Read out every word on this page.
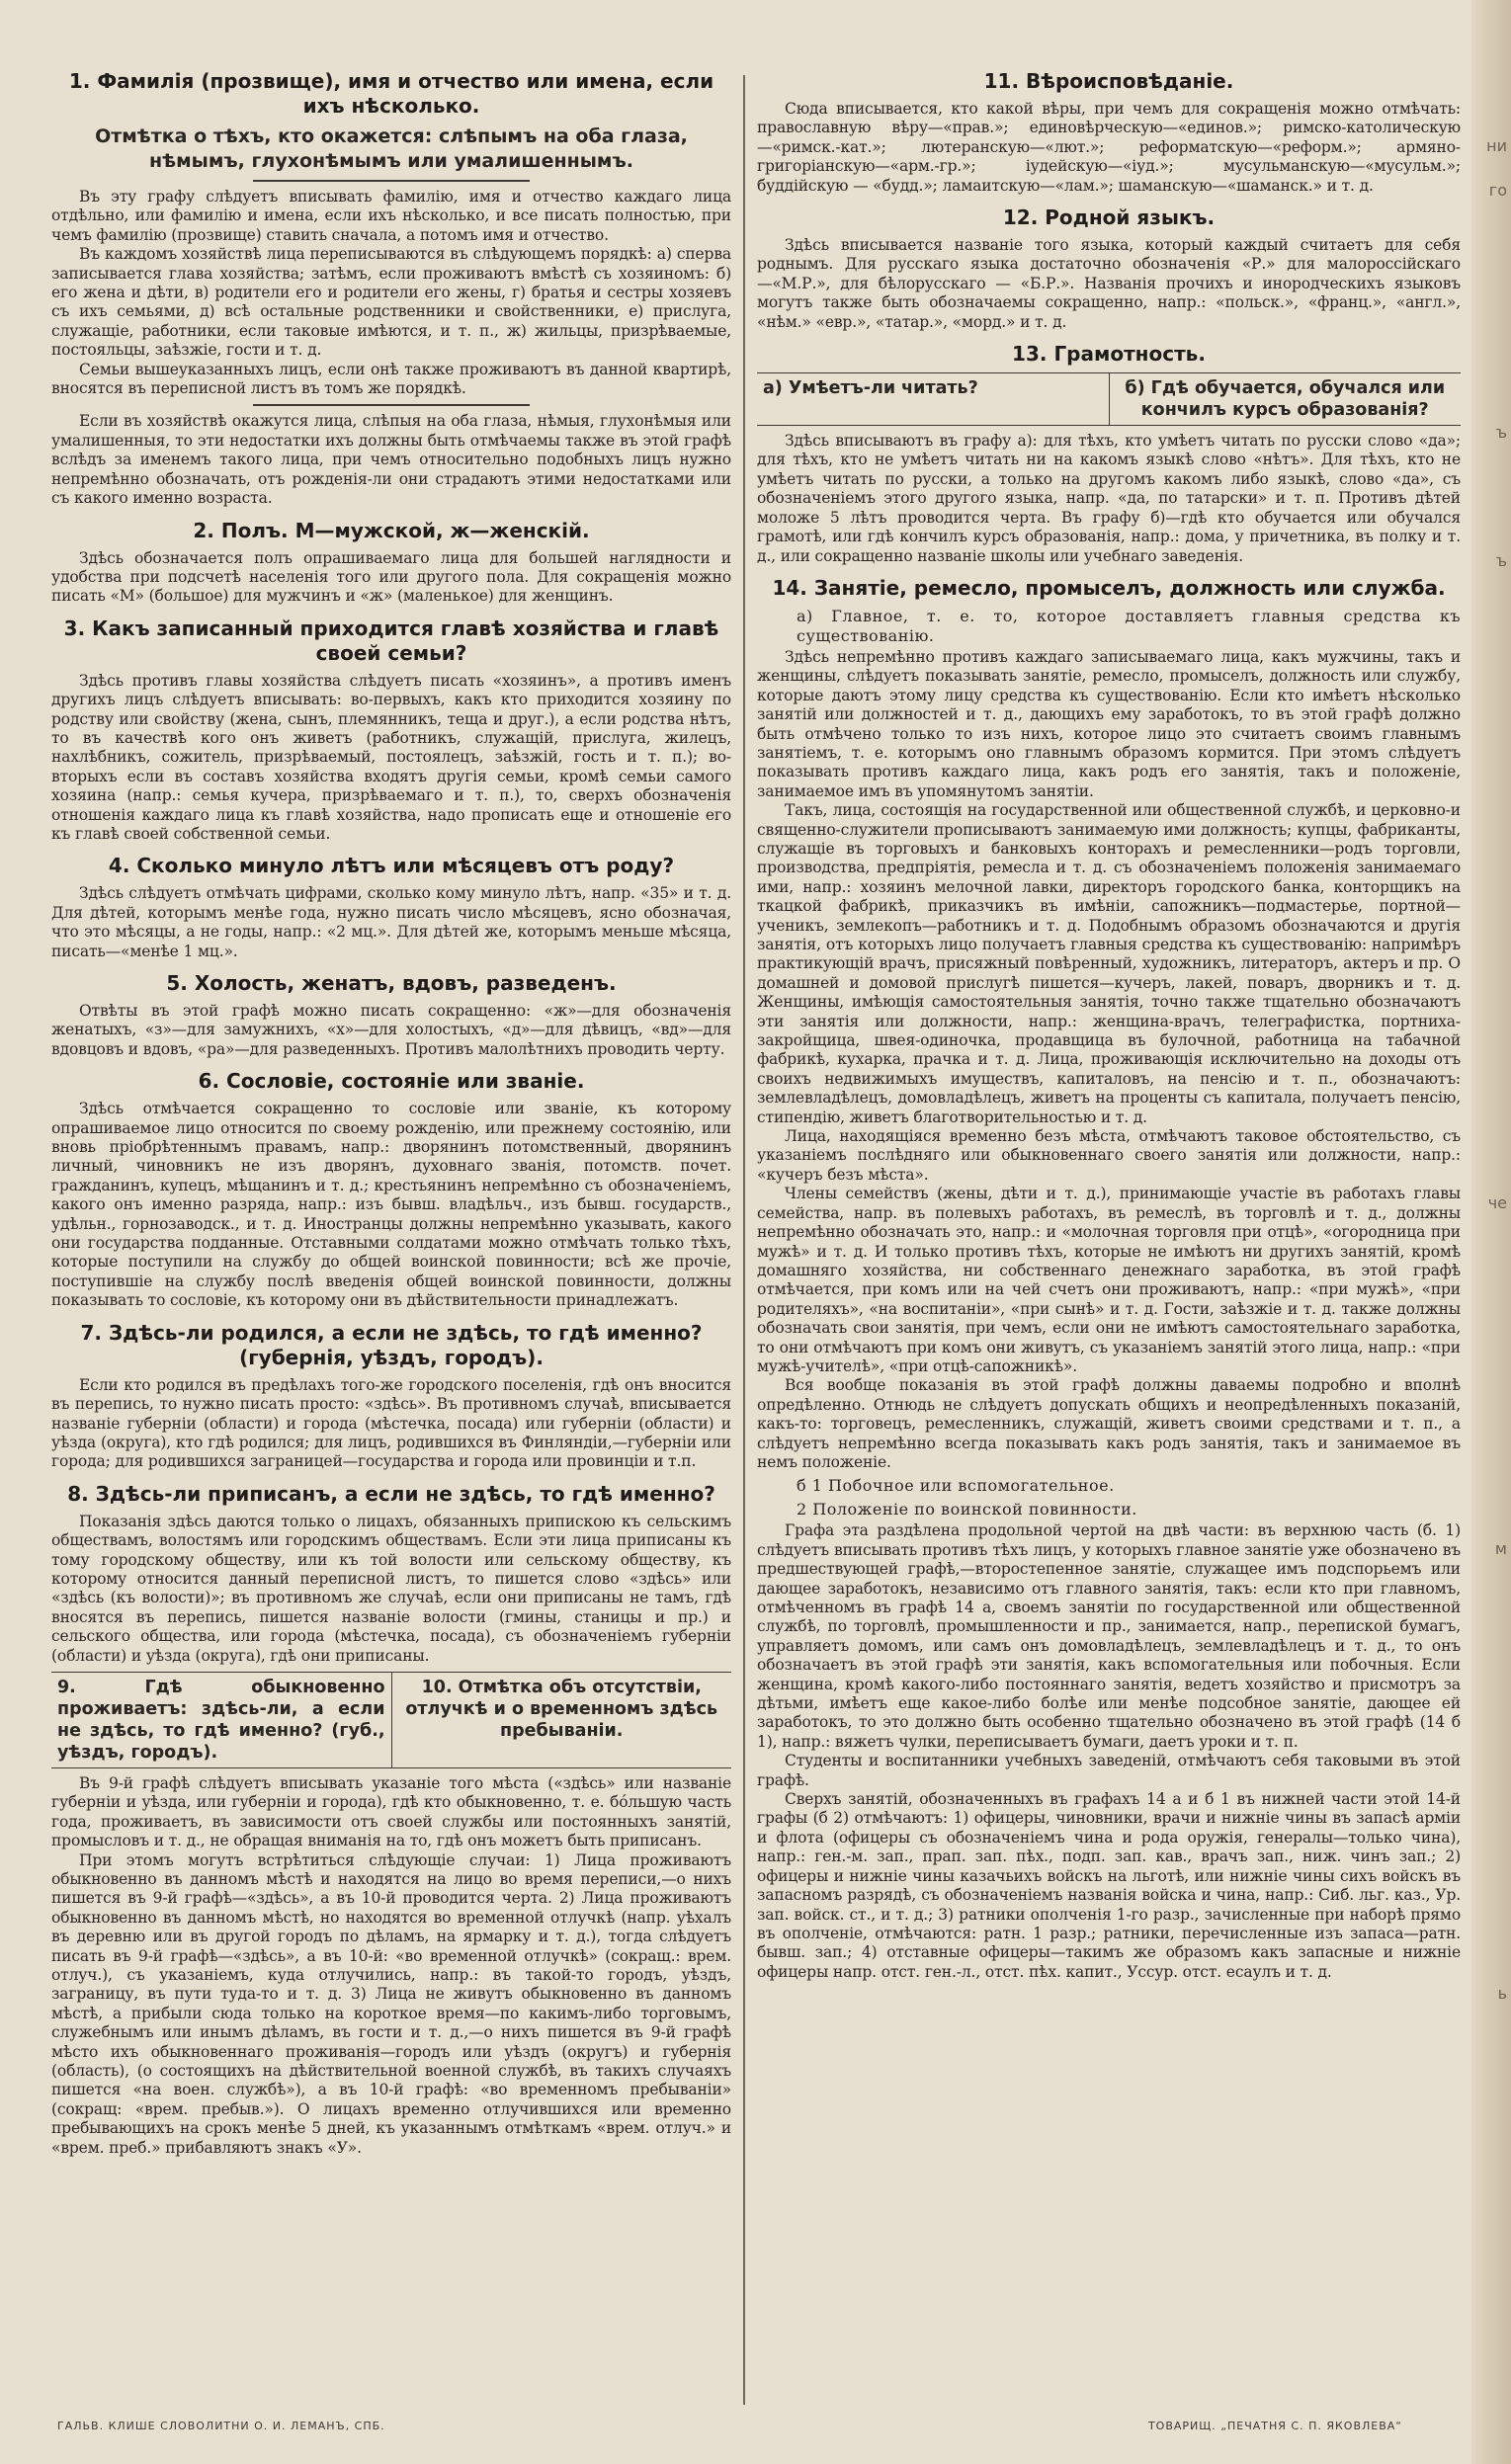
ни
го
ъ
ъ
че
м
ь
1. Фамилія (прозвище), имя и отчество или имена, если ихъ нѣсколько.
Отмѣтка о тѣхъ, кто окажется: слѣпымъ на оба глаза, нѣмымъ, глухонѣмымъ или умалишеннымъ.

Въ эту графу слѣдуетъ вписывать фамилію, имя и отчество каждаго лица отдѣльно, или фамилію и имена, если ихъ нѣсколько, и все писать полностью, при чемъ фамилію (прозвище) ставить сначала, а потомъ имя и отчество.

Въ каждомъ хозяйствѣ лица переписываются въ слѣдующемъ порядкѣ: а) сперва записывается глава хозяйства; затѣмъ, если проживаютъ вмѣстѣ съ хозяиномъ: б) его жена и дѣти, в) родители его и родители его жены, г) братья и сестры хозяевъ съ ихъ семьями, д) всѣ остальные родственники и свойственники, е) прислуга, служащіе, работники, если таковые имѣются, и т. п., ж) жильцы, призрѣваемые, постояльцы, заѣзжіе, гости и т. д.

Семьи вышеуказанныхъ лицъ, если онѣ также проживаютъ въ данной квартирѣ, вносятся въ переписной листъ въ томъ же порядкѣ.

Если въ хозяйствѣ окажутся лица, слѣпыя на оба глаза, нѣмыя, глухонѣмыя или умалишенныя, то эти недостатки ихъ должны быть отмѣчаемы также въ этой графѣ вслѣдъ за именемъ такого лица, при чемъ относительно подобныхъ лицъ нужно непремѣнно обозначать, отъ рожденія-ли они страдаютъ этими недостатками или съ какого именно возраста.

2. Полъ. М—мужской, ж—женскій.

Здѣсь обозначается полъ опрашиваемаго лица для большей наглядности и удобства при подсчетѣ населенія того или другого пола. Для сокращенія можно писать «М» (большое) для мужчинъ и «ж» (маленькое) для женщинъ.

3. Какъ записанный приходится главѣ хозяйства и главѣ своей семьи?

Здѣсь противъ главы хозяйства слѣдуетъ писать «хозяинъ», а противъ именъ другихъ лицъ слѣдуетъ вписывать: во-первыхъ, какъ кто приходится хозяину по родству или свойству (жена, сынъ, племянникъ, теща и друг.), а если родства нѣтъ, то въ качествѣ кого онъ живетъ (работникъ, служащій, прислуга, жилецъ, нахлѣбникъ, сожитель, призрѣваемый, постоялецъ, заѣзжій, гость и т. п.); во-вторыхъ если въ составъ хозяйства входятъ другія семьи, кромѣ семьи самого хозяина (напр.: семья кучера, призрѣваемаго и т. п.), то, сверхъ обозначенія отношенія каждаго лица къ главѣ хозяйства, надо прописать еще и отношеніе его къ главѣ своей собственной семьи.

4. Сколько минуло лѣтъ или мѣсяцевъ отъ роду?

Здѣсь слѣдуетъ отмѣчать цифрами, сколько кому минуло лѣтъ, напр. «35» и т. д. Для дѣтей, которымъ менѣе года, нужно писать число мѣсяцевъ, ясно обозначая, что это мѣсяцы, а не годы, напр.: «2 мц.». Для дѣтей же, которымъ меньше мѣсяца, писать—«менѣе 1 мц.».

5. Холость, женатъ, вдовъ, разведенъ.

Отвѣты въ этой графѣ можно писать сокращенно: «ж»—для обозначенія женатыхъ, «з»—для замужнихъ, «х»—для холостыхъ, «д»—для дѣвицъ, «вд»—для вдовцовъ и вдовъ, «ра»—для разведенныхъ. Противъ малолѣтнихъ проводить черту.

6. Сословіе, состояніе или званіе.

Здѣсь отмѣчается сокращенно то сословіе или званіе, къ которому опрашиваемое лицо относится по своему рожденію, или прежнему состоянію, или вновь пріобрѣтеннымъ правамъ, напр.: дворянинъ потомственный, дворянинъ личный, чиновникъ не изъ дворянъ, духовнаго званія, потомств. почет. гражданинъ, купецъ, мѣщанинъ и т. д.; крестьянинъ непремѣнно съ обозначеніемъ, какого онъ именно разряда, напр.: изъ бывш. владѣльч., изъ бывш. государств., удѣльн., горнозаводск., и т. д. Иностранцы должны непремѣнно указывать, какого они государства подданные. Отставными солдатами можно отмѣчать только тѣхъ, которые поступили на службу до общей воинской повинности; всѣ же прочіе, поступившіе на службу послѣ введенія общей воинской повинности, должны показывать то сословіе, къ которому они въ дѣйствительности принадлежатъ.

7. Здѣсь-ли родился, а если не здѣсь, то гдѣ именно? (губернія, уѣздъ, городъ).

Если кто родился въ предѣлахъ того-же городского поселенія, гдѣ онъ вносится въ перепись, то нужно писать просто: «здѣсь». Въ противномъ случаѣ, вписывается названіе губерніи (области) и города (мѣстечка, посада) или губерніи (области) и уѣзда (округа), кто гдѣ родился; для лицъ, родившихся въ Финляндіи,—губерніи или города; для родившихся заграницей—государства и города или провинціи и т.п.

8. Здѣсь-ли приписанъ, а если не здѣсь, то гдѣ именно?

Показанія здѣсь даются только о лицахъ, обязанныхъ припискою къ сельскимъ обществамъ, волостямъ или городскимъ обществамъ. Если эти лица приписаны къ тому городскому обществу, или къ той волости или сельскому обществу, къ которому относится данный переписной листъ, то пишется слово «здѣсь» или «здѣсь (къ волости)»; въ противномъ же случаѣ, если они приписаны не тамъ, гдѣ вносятся въ перепись, пишется названіе волости (гмины, станицы и пр.) и сельского общества, или города (мѣстечка, посада), съ обозначеніемъ губерніи (области) и уѣзда (округа), гдѣ они приписаны.

9. Гдѣ обыкновенно проживаетъ: здѣсь-ли, а если не здѣсь, то гдѣ именно? (губ., уѣздъ, городъ).
10. Отмѣтка объ отсутствіи, отлучкѣ и о временномъ здѣсь пребываніи.

Въ 9-й графѣ слѣдуетъ вписывать указаніе того мѣста («здѣсь» или названіе губерніи и уѣзда, или губерніи и города), гдѣ кто обыкновенно, т. е. бо́льшую часть года, проживаетъ, въ зависимости отъ своей службы или постоянныхъ занятій, промысловъ и т. д., не обращая вниманія на то, гдѣ онъ можетъ быть приписанъ.

При этомъ могутъ встрѣтиться слѣдующіе случаи: 1) Лица проживаютъ обыкновенно въ данномъ мѣстѣ и находятся на лицо во время переписи,—о нихъ пишется въ 9-й графѣ—«здѣсь», а въ 10-й проводится черта. 2) Лица проживаютъ обыкновенно въ данномъ мѣстѣ, но находятся во временной отлучкѣ (напр. уѣхалъ въ деревню или въ другой городъ по дѣламъ, на ярмарку и т. д.), тогда слѣдуетъ писать въ 9-й графѣ—«здѣсь», а въ 10-й: «во временной отлучкѣ» (сокращ.: врем. отлуч.), съ указаніемъ, куда отлучились, напр.: въ такой-то городъ, уѣздъ, заграницу, въ пути туда-то и т. д. 3) Лица не живутъ обыкновенно въ данномъ мѣстѣ, а прибыли сюда только на короткое время—по какимъ-либо торговымъ, служебнымъ или инымъ дѣламъ, въ гости и т. д.,—о нихъ пишется въ 9-й графѣ мѣсто ихъ обыкновеннаго проживанія—городъ или уѣздъ (округъ) и губернія (область), (о состоящихъ на дѣйствительной военной службѣ, въ такихъ случаяхъ пишется «на воен. службѣ»), а въ 10-й графѣ: «во временномъ пребываніи» (сокращ: «врем. пребыв.»). О лицахъ временно отлучившихся или временно пребывающихъ на срокъ менѣе 5 дней, къ указаннымъ отмѣткамъ «врем. отлуч.» и «врем. преб.» прибавляютъ знакъ «У».

11. Вѣроисповѣданіе.

Сюда вписывается, кто какой вѣры, при чемъ для сокращенія можно отмѣчать: православную вѣру—«прав.»; единовѣрческую—«единов.»; римско-католическую—«римск.-кат.»; лютеранскую—«лют.»; реформатскую—«реформ.»; армяно-григоріанскую—«арм.-гр.»; іудейскую—«іуд.»; мусульманскую—«мусульм.»; буддійскую — «будд.»; ламаитскую—«лам.»; шаманскую—«шаманск.» и т. д.

12. Родной языкъ.

Здѣсь вписывается названіе того языка, который каждый считаетъ для себя роднымъ. Для русскаго языка достаточно обозначенія «Р.» для малороссійскаго—«М.Р.», для бѣлорусскаго — «Б.Р.». Названія прочихъ и инородческихъ языковъ могутъ также быть обозначаемы сокращенно, напр.: «польск.», «франц.», «англ.», «нѣм.» «евр.», «татар.», «морд.» и т. д.

13. Грамотность.
а) Умѣетъ-ли читать?	б) Гдѣ обучается, обучался или кончилъ курсъ образованія?

Здѣсь вписываютъ въ графу а): для тѣхъ, кто умѣетъ читать по русски слово «да»; для тѣхъ, кто не умѣетъ читать ни на какомъ языкѣ слово «нѣтъ». Для тѣхъ, кто не умѣетъ читать по русски, а только на другомъ какомъ либо языкѣ, слово «да», съ обозначеніемъ этого другого языка, напр. «да, по татарски» и т. п. Противъ дѣтей моложе 5 лѣтъ проводится черта. Въ графу б)—гдѣ кто обучается или обучался грамотѣ, или гдѣ кончилъ курсъ образованія, напр.: дома, у причетника, въ полку и т. д., или сокращенно названіе школы или учебнаго заведенія.

14. Занятіе, ремесло, промыселъ, должность или служба.
а) Главное, т. е. то, которое доставляетъ главныя средства къ существованію.

Здѣсь непремѣнно противъ каждаго записываемаго лица, какъ мужчины, такъ и женщины, слѣдуетъ показывать занятіе, ремесло, промыселъ, должность или службу, которые даютъ этому лицу средства къ существованію. Если кто имѣетъ нѣсколько занятій или должностей и т. д., дающихъ ему заработокъ, то въ этой графѣ должно быть отмѣчено только то изъ нихъ, которое лицо это считаетъ своимъ главнымъ занятіемъ, т. е. которымъ оно главнымъ образомъ кормится. При этомъ слѣдуетъ показывать противъ каждаго лица, какъ родъ его занятія, такъ и положеніе, занимаемое имъ въ упомянутомъ занятіи.

Такъ, лица, состоящія на государственной или общественной службѣ, и церковно-и священно-служители прописываютъ занимаемую ими должность; купцы, фабриканты, служащіе въ торговыхъ и банковыхъ конторахъ и ремесленники—родъ торговли, производства, предпріятія, ремесла и т. д. съ обозначеніемъ положенія занимаемаго ими, напр.: хозяинъ мелочной лавки, директоръ городского банка, конторщикъ на ткацкой фабрикѣ, приказчикъ въ имѣніи, сапожникъ—подмастерье, портной—ученикъ, землекопъ—работникъ и т. д. Подобнымъ образомъ обозначаются и другія занятія, отъ которыхъ лицо получаетъ главныя средства къ существованію: напримѣръ практикующій врачъ, присяжный повѣренный, художникъ, литераторъ, актеръ и пр. О домашней и домовой прислугѣ пишется—кучеръ, лакей, поваръ, дворникъ и т. д. Женщины, имѣющія самостоятельныя занятія, точно также тщательно обозначаютъ эти занятія или должности, напр.: женщина-врачъ, телеграфистка, портниха-закройщица, швея-одиночка, продавщица въ булочной, работница на табачной фабрикѣ, кухарка, прачка и т. д. Лица, проживающія исключительно на доходы отъ своихъ недвижимыхъ имуществъ, капиталовъ, на пенсію и т. п., обозначаютъ: землевладѣлецъ, домовладѣлецъ, живетъ на проценты съ капитала, получаетъ пенсію, стипендію, живетъ благотворительностью и т. д.

Лица, находящіяся временно безъ мѣста, отмѣчаютъ таковое обстоятельство, съ указаніемъ послѣдняго или обыкновеннаго своего занятія или должности, напр.: «кучеръ безъ мѣста».

Члены семействъ (жены, дѣти и т. д.), принимающіе участіе въ работахъ главы семейства, напр. въ полевыхъ работахъ, въ ремеслѣ, въ торговлѣ и т. д., должны непремѣнно обозначать это, напр.: и «молочная торговля при отцѣ», «огородница при мужѣ» и т. д. И только противъ тѣхъ, которые не имѣютъ ни другихъ занятій, кромѣ домашняго хозяйства, ни собственнаго денежнаго заработка, въ этой графѣ отмѣчается, при комъ или на чей счетъ они проживаютъ, напр.: «при мужѣ», «при родителяхъ», «на воспитаніи», «при сынѣ» и т. д. Гости, заѣзжіе и т. д. также должны обозначать свои занятія, при чемъ, если они не имѣютъ самостоятельнаго заработка, то они отмѣчаютъ при комъ они живутъ, съ указаніемъ занятій этого лица, напр.: «при мужѣ-учителѣ», «при отцѣ-сапожникѣ».

Вся вообще показанія въ этой графѣ должны даваемы подробно и вполнѣ опредѣленно. Отнюдь не слѣдуетъ допускать общихъ и неопредѣленныхъ показаній, какъ-то: торговецъ, ремесленникъ, служащій, живетъ своими средствами и т. п., а слѣдуетъ непремѣнно всегда показывать какъ родъ занятія, такъ и занимаемое въ немъ положеніе.

б 1 Побочное или вспомогательное.
2 Положеніе по воинской повинности.

Графа эта раздѣлена продольной чертой на двѣ части: въ верхнюю часть (б. 1) слѣдуетъ вписывать противъ тѣхъ лицъ, у которыхъ главное занятіе уже обозначено въ предшествующей графѣ,—второстепенное занятіе, служащее имъ подспорьемъ или дающее заработокъ, независимо отъ главного занятія, такъ: если кто при главномъ, отмѣченномъ въ графѣ 14 а, своемъ занятіи по государственной или общественной службѣ, по торговлѣ, промышленности и пр., занимается, напр., перепиской бумагъ, управляетъ домомъ, или самъ онъ домовладѣлецъ, землевладѣлецъ и т. д., то онъ обозначаетъ въ этой графѣ эти занятія, какъ вспомогательныя или побочныя. Если женщина, кромѣ какого-либо постояннаго занятія, ведетъ хозяйство и присмотръ за дѣтьми, имѣетъ еще какое-либо болѣе или менѣе подсобное занятіе, дающее ей заработокъ, то это должно быть особенно тщательно обозначено въ этой графѣ (14 б 1), напр.: вяжетъ чулки, переписываетъ бумаги, даетъ уроки и т. п.

Студенты и воспитанники учебныхъ заведеній, отмѣчаютъ себя таковыми въ этой графѣ.

Сверхъ занятій, обозначенныхъ въ графахъ 14 а и б 1 въ нижней части этой 14-й графы (б 2) отмѣчаютъ: 1) офицеры, чиновники, врачи и нижніе чины въ запасѣ арміи и флота (офицеры съ обозначеніемъ чина и рода оружія, генералы—только чина), напр.: ген.-м. зап., прап. зап. пѣх., подп. зап. кав., врачъ зап., ниж. чинъ зап.; 2) офицеры и нижніе чины казачьихъ войскъ на льготѣ, или нижніе чины сихъ войскъ въ запасномъ разрядѣ, съ обозначеніемъ названія войска и чина, напр.: Сиб. льг. каз., Ур. зап. войск. ст., и т. д.; 3) ратники ополченія 1-го разр., зачисленные при наборѣ прямо въ ополченіе, отмѣчаются: ратн. 1 разр.; ратники, перечисленные изъ запаса—ратн. бывш. зап.; 4) отставные офицеры—такимъ же образомъ какъ запасные и нижніе офицеры напр. отст. ген.-л., отст. пѣх. капит., Уссур. отст. есаулъ и т. д.

ГАЛЬВ. КЛИШЕ СЛОВОЛИТНИ О. И. ЛЕМАНЪ, СПБ.	ТОВАРИЩ. „ПЕЧАТНЯ С. П. ЯКОВЛЕВА“
